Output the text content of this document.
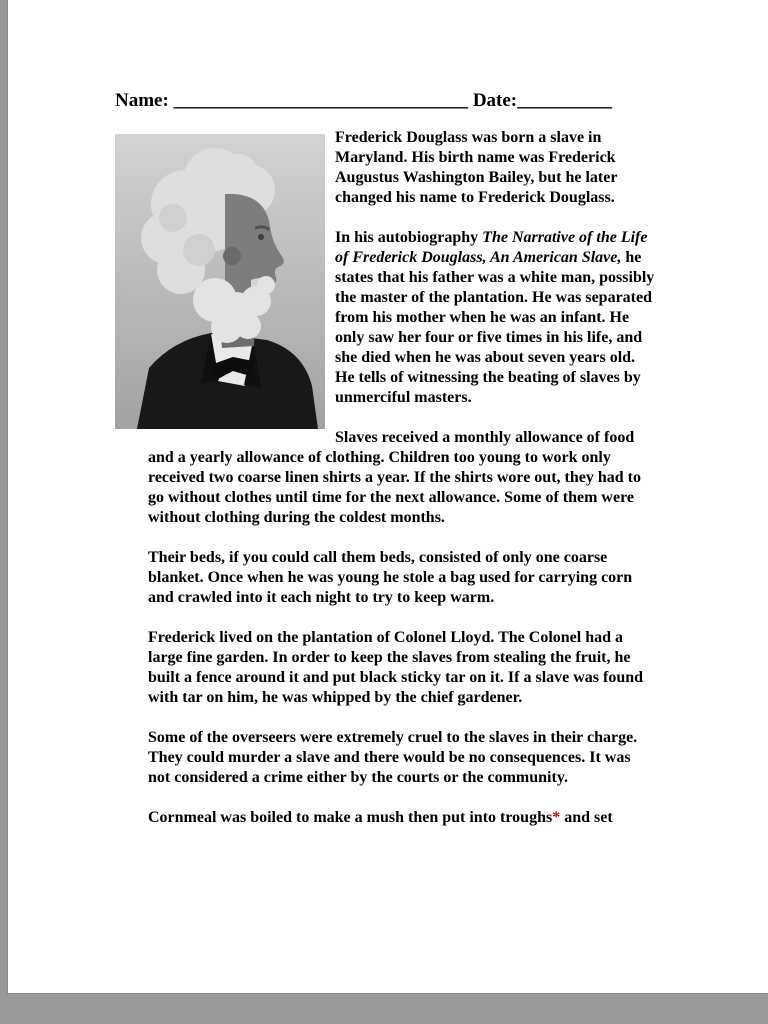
Name: _______________________________ Date:__________

Frederick Douglass was born a slave in Maryland. His birth name was Frederick Augustus Washington Bailey, but he later changed his name to Frederick Douglass.

In his autobiography The Narrative of the Life of Frederick Douglass, An American Slave, he states that his father was a white man, possibly the master of the plantation. He was separated from his mother when he was an infant. He only saw her four or five times in his life, and she died when he was about seven years old. He tells of witnessing the beating of slaves by unmerciful masters.

Slaves received a monthly allowance of food and a yearly allowance of clothing. Children too young to work only received two coarse linen shirts a year. If the shirts wore out, they had to go without clothes until time for the next allowance. Some of them were without clothing during the coldest months.

Their beds, if you could call them beds, consisted of only one coarse blanket. Once when he was young he stole a bag used for carrying corn and crawled into it each night to try to keep warm.

Frederick lived on the plantation of Colonel Lloyd. The Colonel had a large fine garden. In order to keep the slaves from stealing the fruit, he built a fence around it and put black sticky tar on it. If a slave was found with tar on him, he was whipped by the chief gardener.

Some of the overseers were extremely cruel to the slaves in their charge. They could murder a slave and there would be no consequences. It was not considered a crime either by the courts or the community.

Cornmeal was boiled to make a mush then put into troughs* and set
